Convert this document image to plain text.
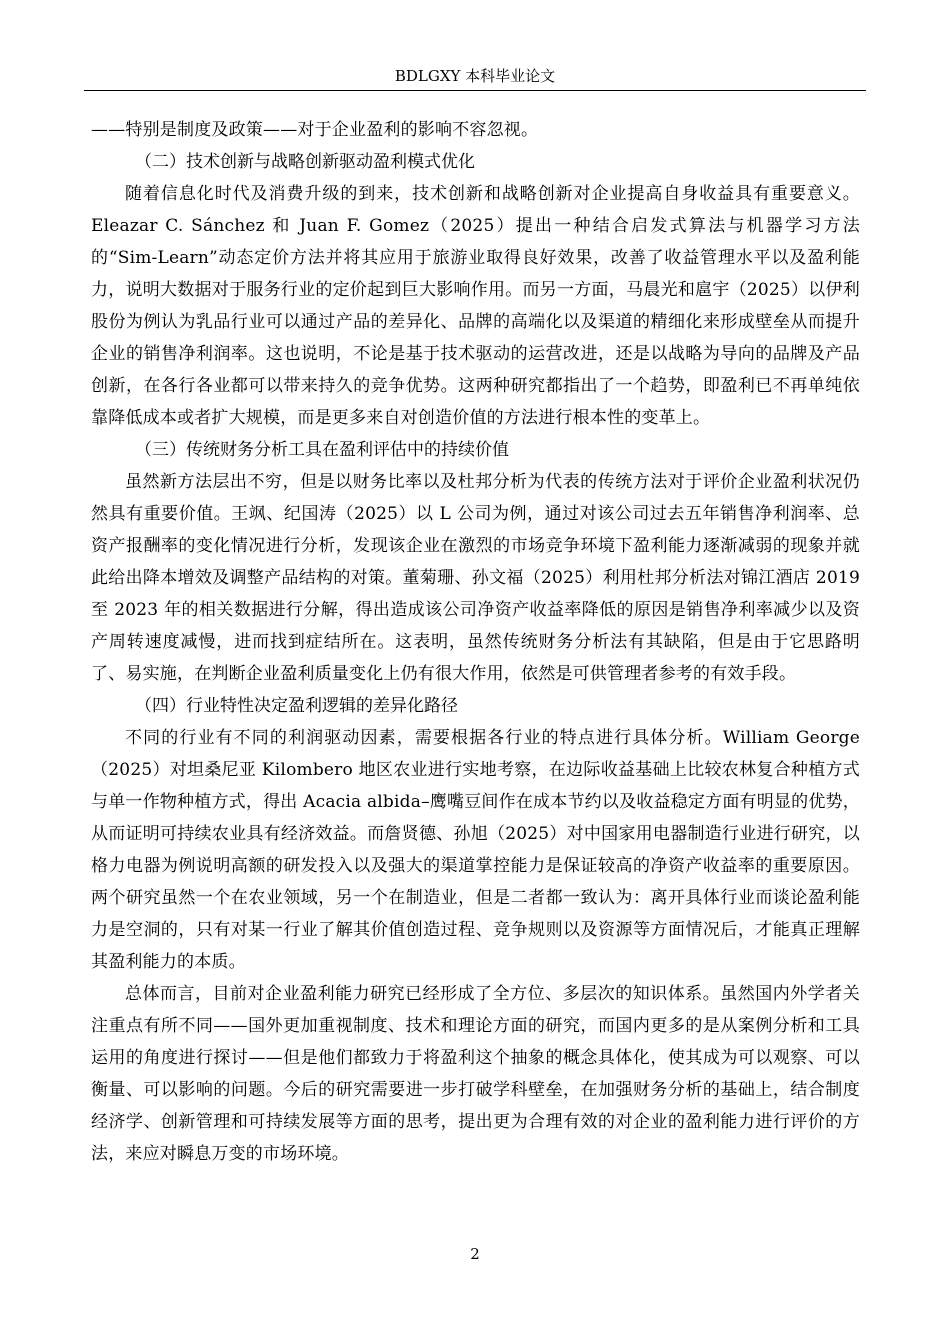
BDLGXY 本科毕业论文

——特别是制度及政策——对于企业盈利的影响不容忽视。

（二）技术创新与战略创新驱动盈利模式优化

随着信息化时代及消费升级的到来，技术创新和战略创新对企业提高自身收益具有重要意义。Eleazar C. Sánchez 和 Juan F. Gomez（2025）提出一种结合启发式算法与机器学习方法的“Sim-Learn”动态定价方法并将其应用于旅游业取得良好效果，改善了收益管理水平以及盈利能力，说明大数据对于服务行业的定价起到巨大影响作用。而另一方面，马晨光和扈宇（2025）以伊利股份为例认为乳品行业可以通过产品的差异化、品牌的高端化以及渠道的精细化来形成壁垒从而提升企业的销售净利润率。这也说明，不论是基于技术驱动的运营改进，还是以战略为导向的品牌及产品创新，在各行各业都可以带来持久的竞争优势。这两种研究都指出了一个趋势，即盈利已不再单纯依靠降低成本或者扩大规模，而是更多来自对创造价值的方法进行根本性的变革上。

（三）传统财务分析工具在盈利评估中的持续价值

虽然新方法层出不穷，但是以财务比率以及杜邦分析为代表的传统方法对于评价企业盈利状况仍然具有重要价值。王飒、纪国涛（2025）以 L 公司为例，通过对该公司过去五年销售净利润率、总资产报酬率的变化情况进行分析，发现该企业在激烈的市场竞争环境下盈利能力逐渐减弱的现象并就此给出降本增效及调整产品结构的对策。董菊珊、孙文福（2025）利用杜邦分析法对锦江酒店 2019 至 2023 年的相关数据进行分解，得出造成该公司净资产收益率降低的原因是销售净利率减少以及资产周转速度减慢，进而找到症结所在。这表明，虽然传统财务分析法有其缺陷，但是由于它思路明了、易实施，在判断企业盈利质量变化上仍有很大作用，依然是可供管理者参考的有效手段。

（四）行业特性决定盈利逻辑的差异化路径

不同的行业有不同的利润驱动因素，需要根据各行业的特点进行具体分析。William George（2025）对坦桑尼亚 Kilombero 地区农业进行实地考察，在边际收益基础上比较农林复合种植方式与单一作物种植方式，得出 Acacia albida–鹰嘴豆间作在成本节约以及收益稳定方面有明显的优势，从而证明可持续农业具有经济效益。而詹贤德、孙旭（2025）对中国家用电器制造行业进行研究，以格力电器为例说明高额的研发投入以及强大的渠道掌控能力是保证较高的净资产收益率的重要原因。两个研究虽然一个在农业领域，另一个在制造业，但是二者都一致认为：离开具体行业而谈论盈利能力是空洞的，只有对某一行业了解其价值创造过程、竞争规则以及资源等方面情况后，才能真正理解其盈利能力的本质。

总体而言，目前对企业盈利能力研究已经形成了全方位、多层次的知识体系。虽然国内外学者关注重点有所不同——国外更加重视制度、技术和理论方面的研究，而国内更多的是从案例分析和工具运用的角度进行探讨——但是他们都致力于将盈利这个抽象的概念具体化，使其成为可以观察、可以衡量、可以影响的问题。今后的研究需要进一步打破学科壁垒，在加强财务分析的基础上，结合制度经济学、创新管理和可持续发展等方面的思考，提出更为合理有效的对企业的盈利能力进行评价的方法，来应对瞬息万变的市场环境。

2
